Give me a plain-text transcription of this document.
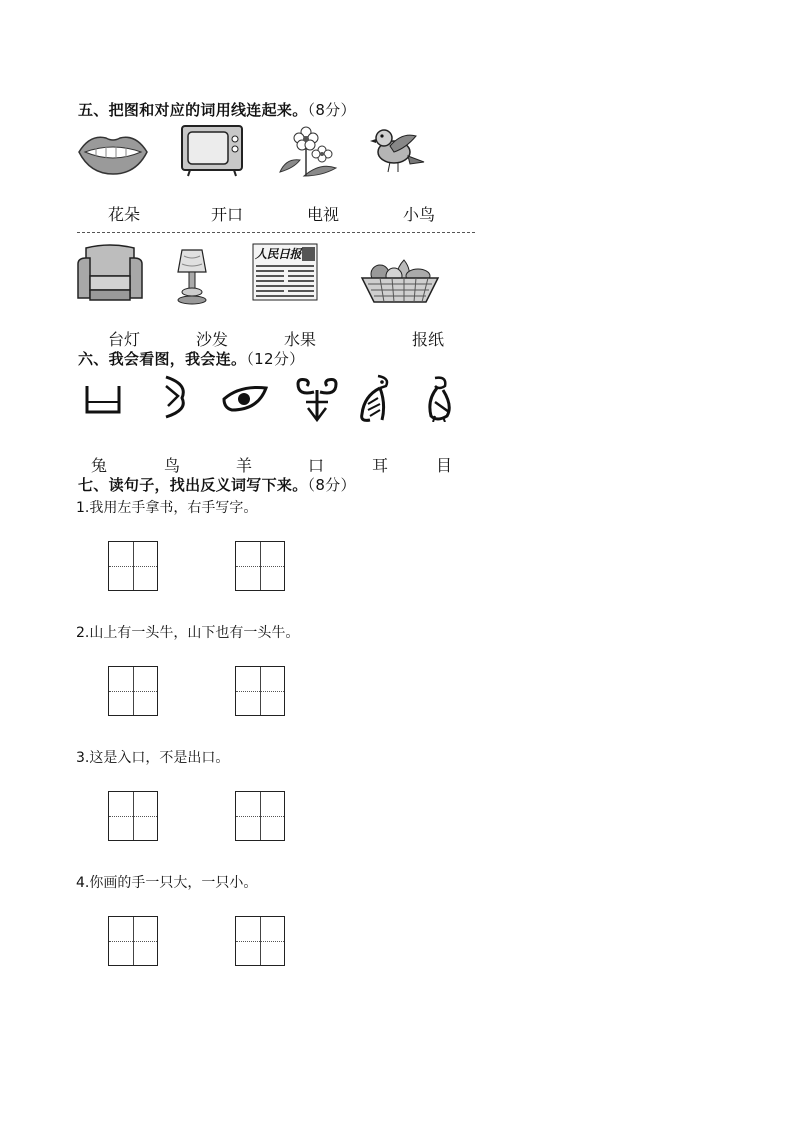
五、把图和对应的词用线连起来。（8分）
花朵	开口	电视	小鸟
人民日报
台灯	沙发	水果	报纸
六、我会看图，我会连。（12分）
兔	鸟	羊	口	耳	目
七、读句子，找出反义词写下来。（8分）
1.我用左手拿书，右手写字。
2.山上有一头牛，山下也有一头牛。
3.这是入口，不是出口。
4.你画的手一只大，一只小。
